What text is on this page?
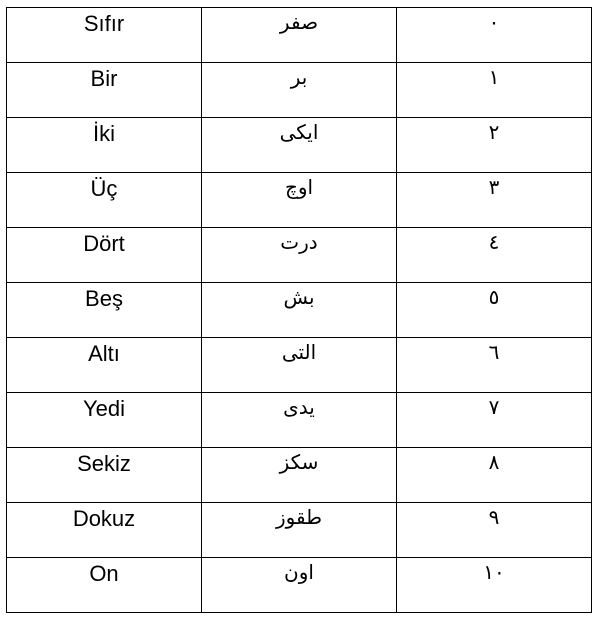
Sıfır	صفر	٠

Bir	بر	١

İki	ایکی	٢

Üç	اوچ	٣

Dört	درت	٤

Beş	بش	٥

Altı	التی	٦

Yedi	یدی	٧

Sekiz	سکز	٨

Dokuz	طقوز	٩

On	اون	١٠
